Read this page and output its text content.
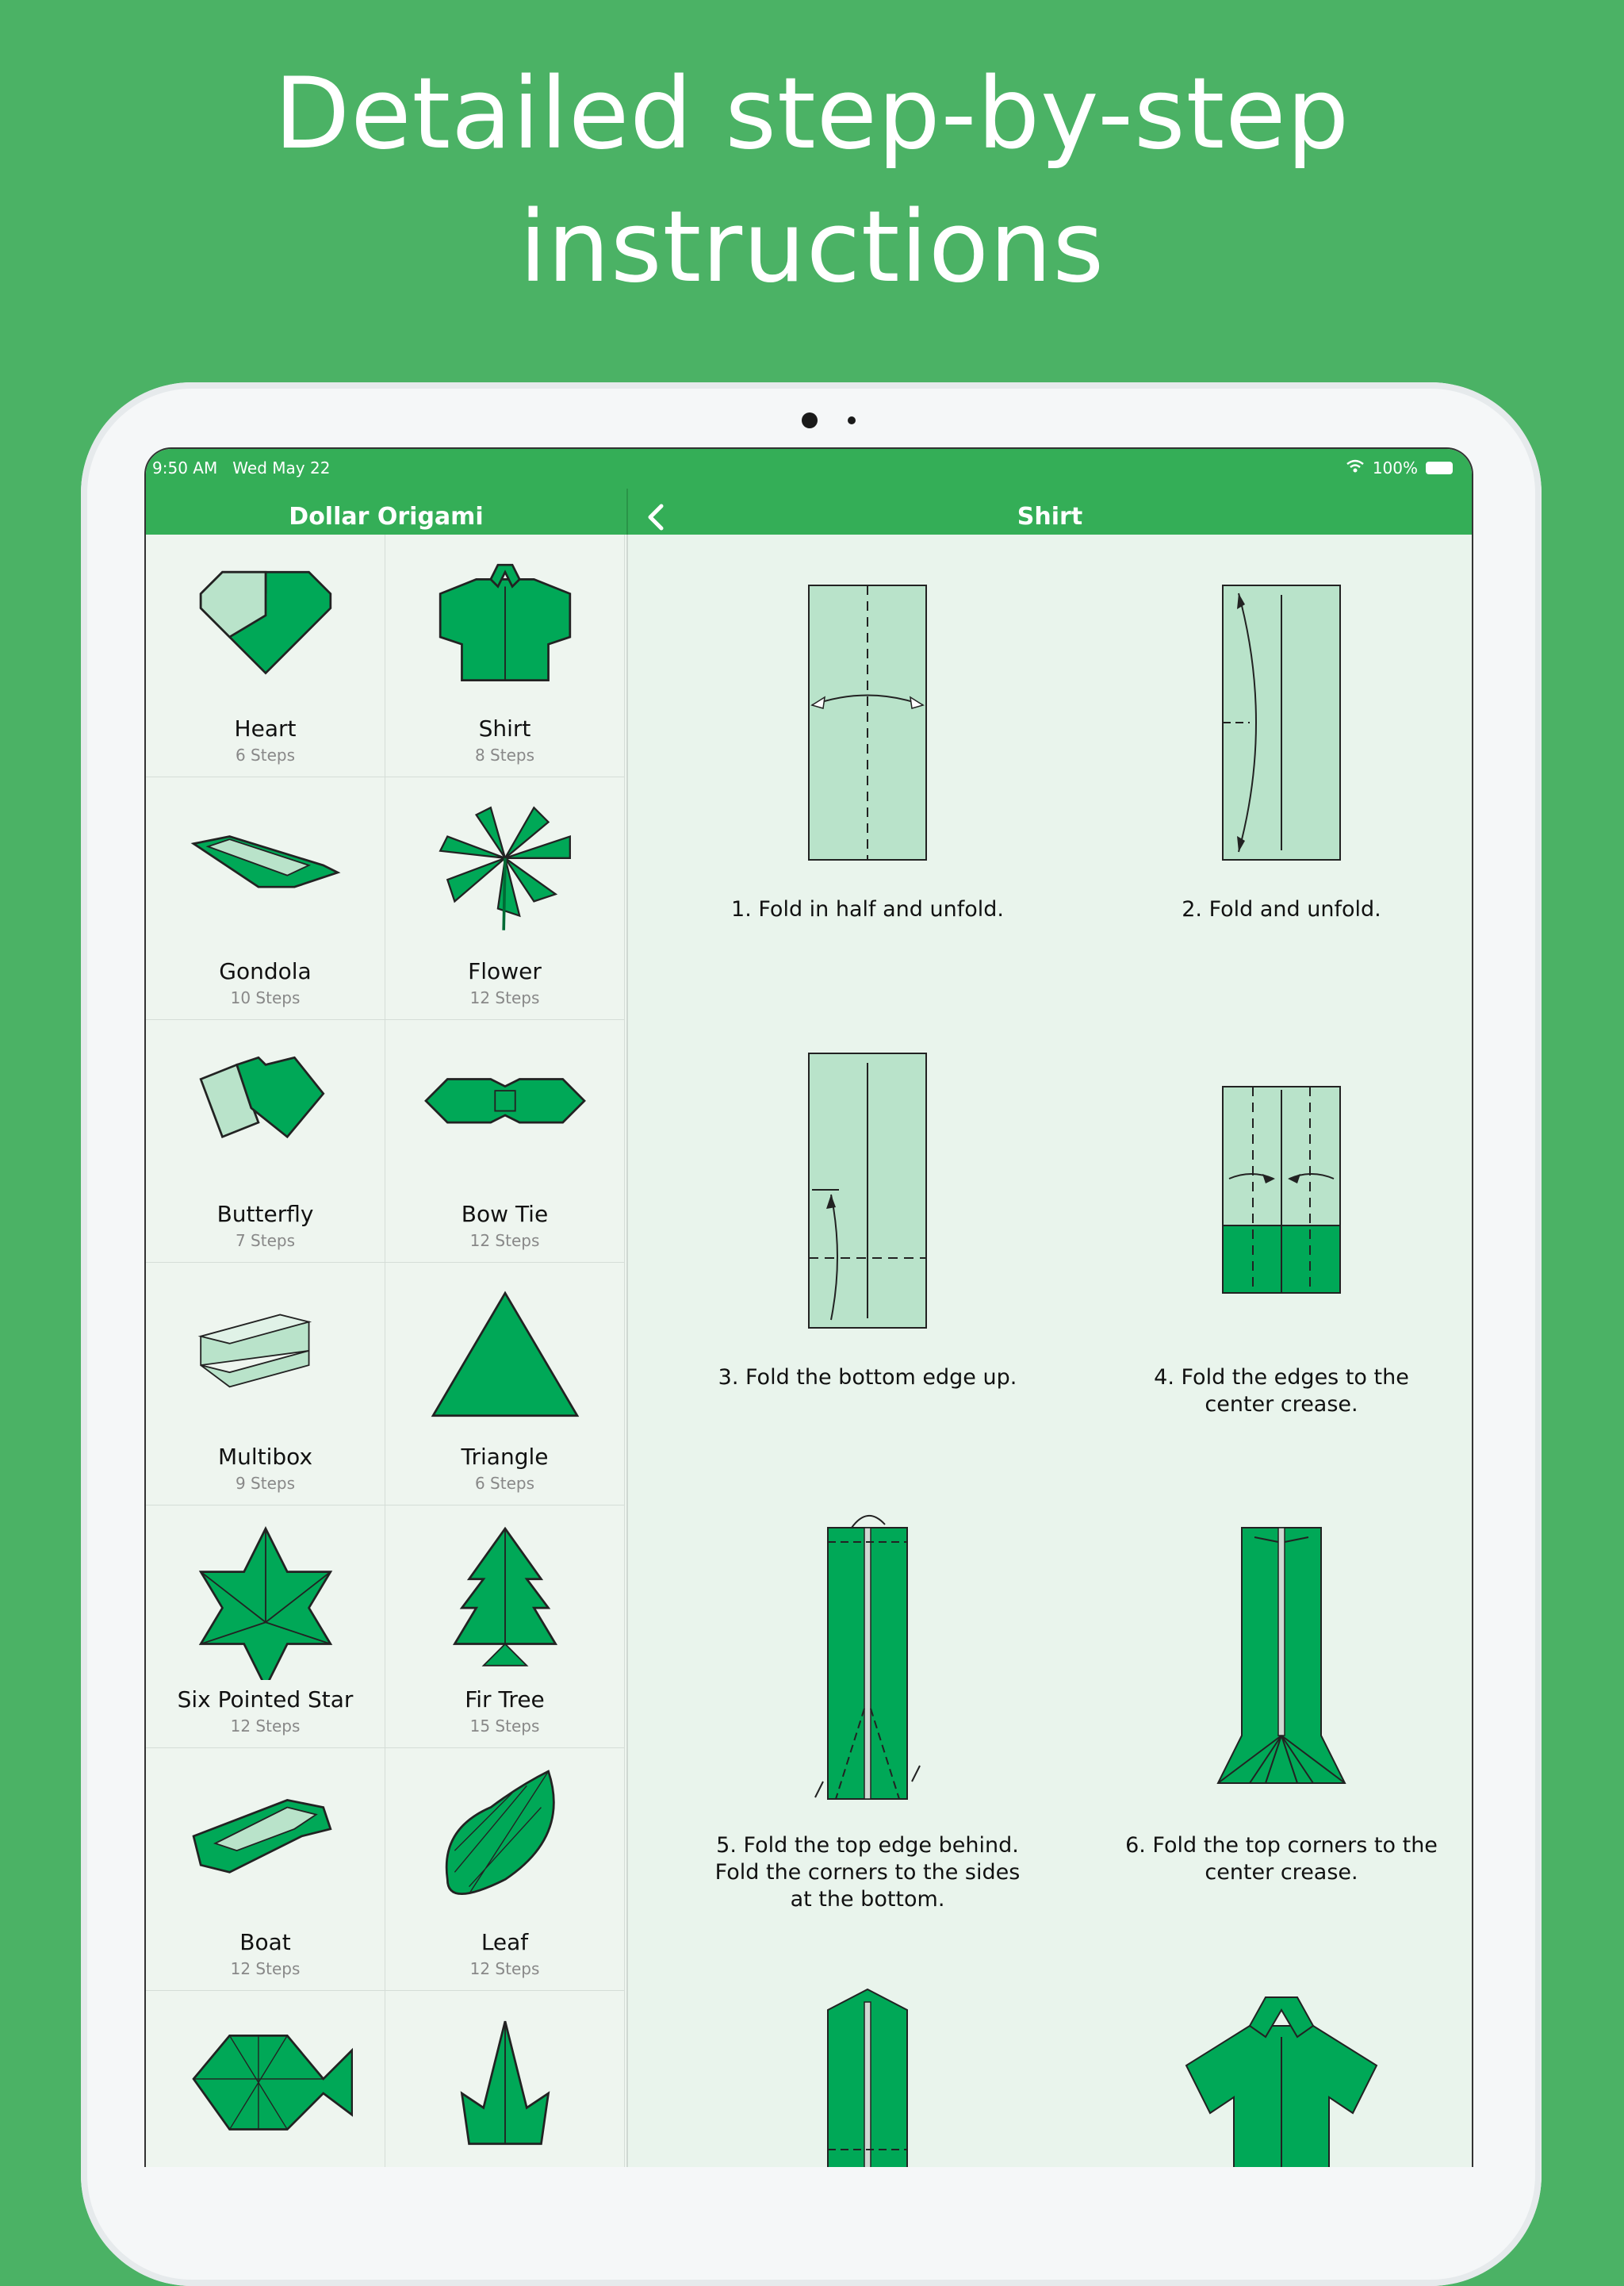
Detailed step-by-step
instructions
9:50 AM Wed May 22	100%
Dollar Origami	Shirt
Heart
6 Steps
Shirt
8 Steps
Gondola
10 Steps
Flower
12 Steps
Butterfly
7 Steps
Bow Tie
12 Steps
Multibox
9 Steps
Triangle
6 Steps
Six Pointed Star
12 Steps
Fir Tree
15 Steps
Boat
12 Steps
Leaf
12 Steps
1. Fold in half and unfold.	2. Fold and unfold.
3. Fold the bottom edge up.	4. Fold the edges to the
center crease.
5. Fold the top edge behind.
Fold the corners to the sides
at the bottom.
6. Fold the top corners to the
center crease.
